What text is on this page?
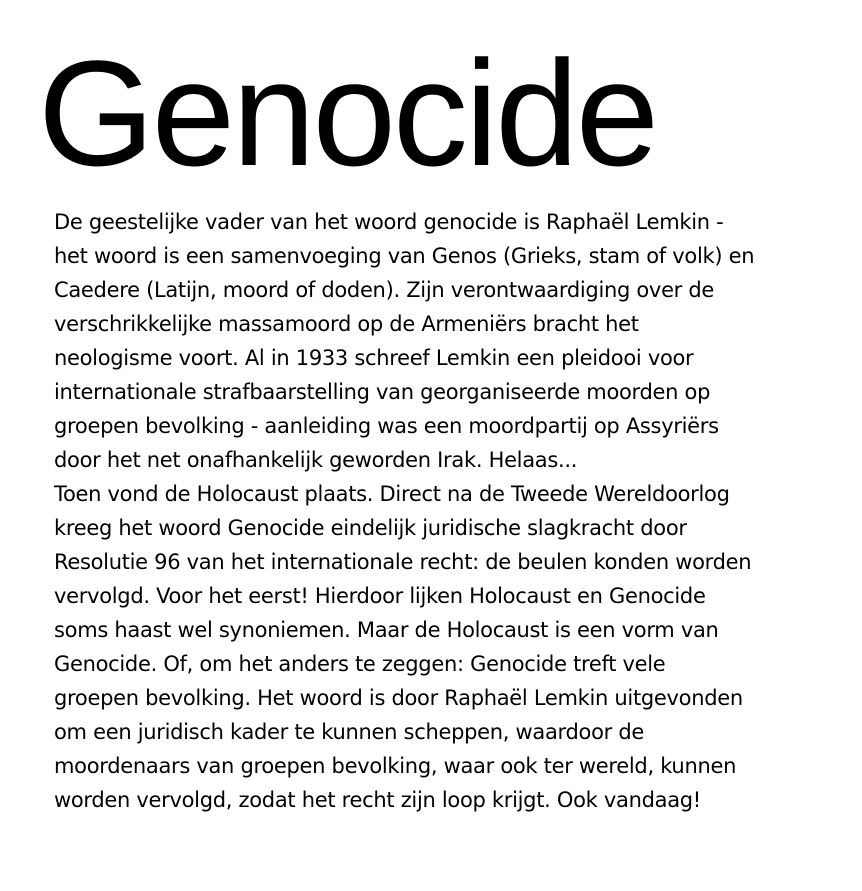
Genocide
De geestelijke vader van het woord genocide is Raphaël Lemkin -
het woord is een samenvoeging van Genos (Grieks, stam of volk) en
Caedere (Latijn, moord of doden). Zijn verontwaardiging over de
verschrikkelijke massamoord op de Armeniërs bracht het
neologisme voort. Al in 1933 schreef Lemkin een pleidooi voor
internationale strafbaarstelling van georganiseerde moorden op
groepen bevolking - aanleiding was een moordpartij op Assyriërs
door het net onafhankelijk geworden Irak. Helaas...
Toen vond de Holocaust plaats. Direct na de Tweede Wereldoorlog
kreeg het woord Genocide eindelijk juridische slagkracht door
Resolutie 96 van het internationale recht: de beulen konden worden
vervolgd. Voor het eerst! Hierdoor lijken Holocaust en Genocide
soms haast wel synoniemen. Maar de Holocaust is een vorm van
Genocide. Of, om het anders te zeggen: Genocide treft vele
groepen bevolking. Het woord is door Raphaël Lemkin uitgevonden
om een juridisch kader te kunnen scheppen, waardoor de
moordenaars van groepen bevolking, waar ook ter wereld, kunnen
worden vervolgd, zodat het recht zijn loop krijgt. Ook vandaag!
